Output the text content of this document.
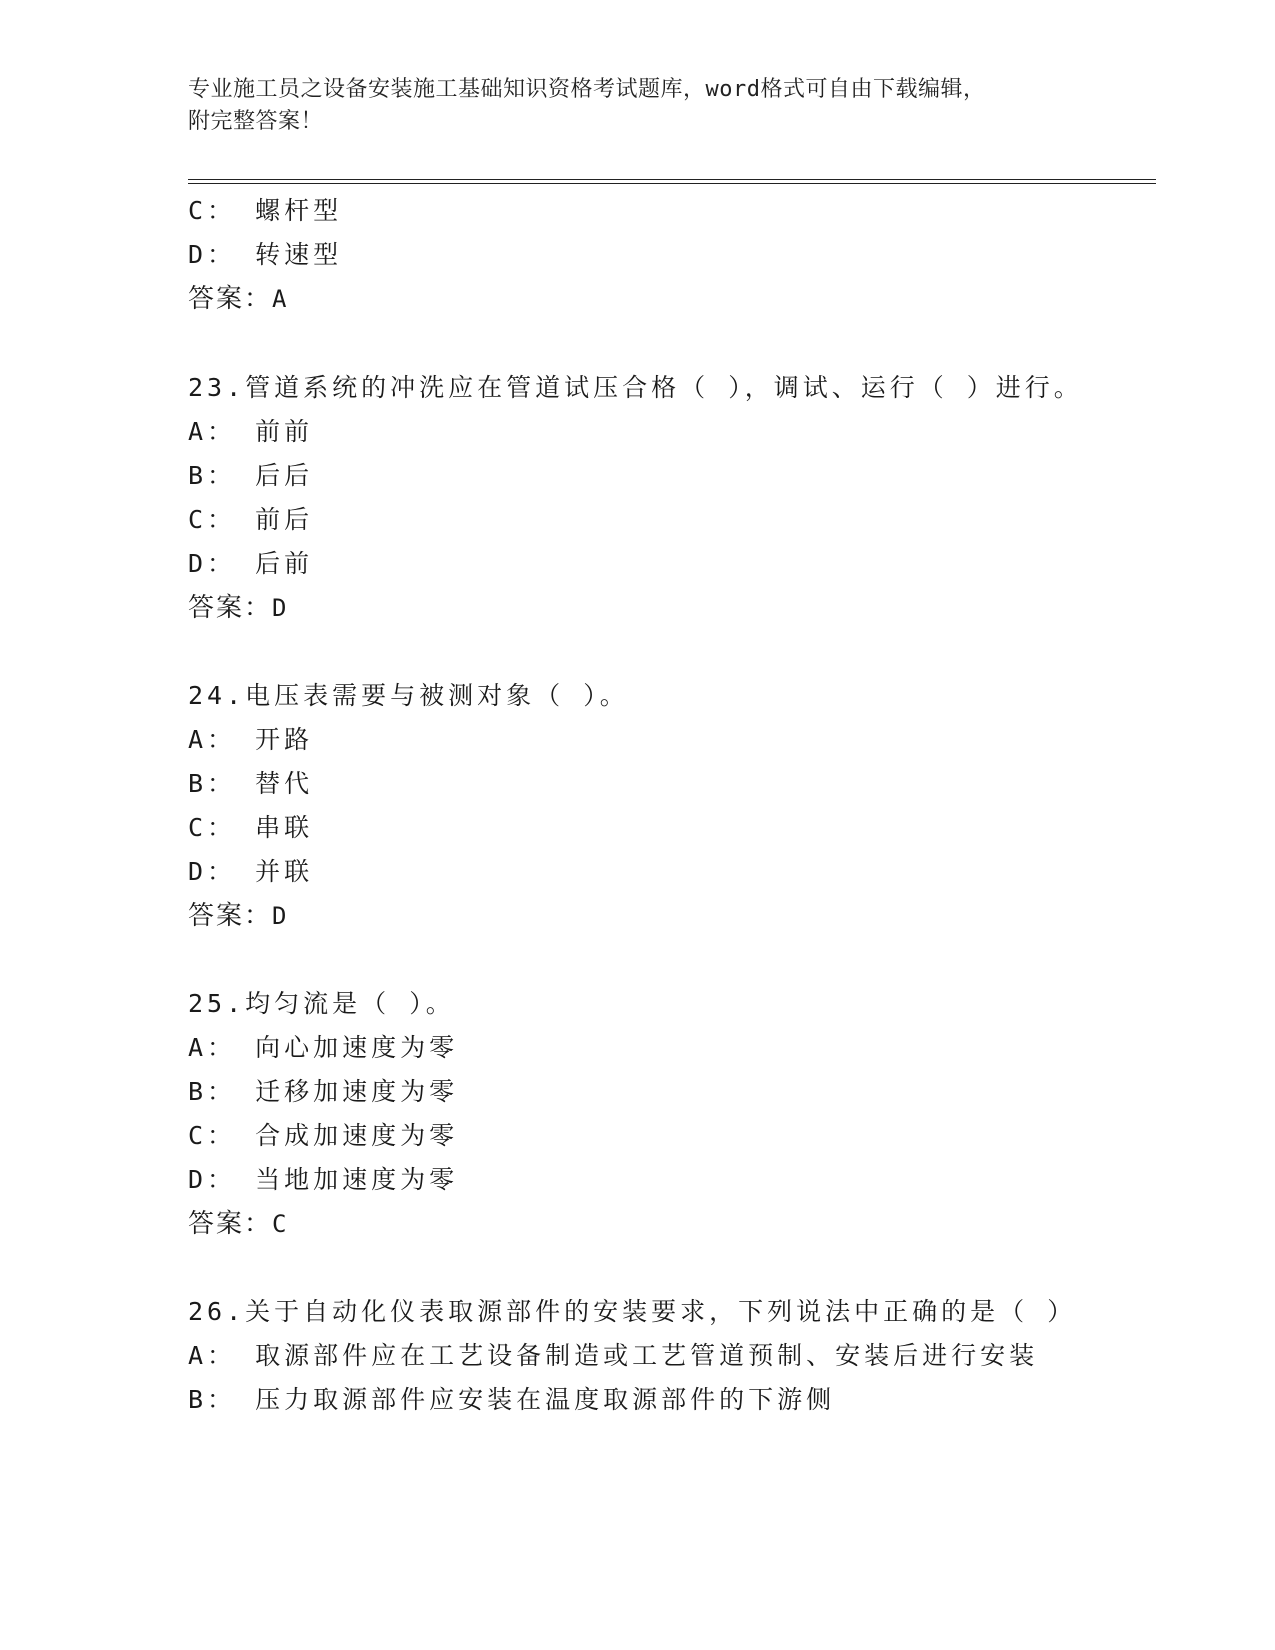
专业施工员之设备安装施工基础知识资格考试题库，word格式可自由下载编辑，
附完整答案！
C： 螺杆型
D： 转速型
答案：A
23.管道系统的冲洗应在管道试压合格（ ），调试、运行（ ）进行。
A： 前前
B： 后后
C： 前后
D： 后前
答案：D
24.电压表需要与被测对象（ ）。
A： 开路
B： 替代
C： 串联
D： 并联
答案：D
25.均匀流是（ ）。
A： 向心加速度为零
B： 迁移加速度为零
C： 合成加速度为零
D： 当地加速度为零
答案：C
26.关于自动化仪表取源部件的安装要求，下列说法中正确的是（ ）
A： 取源部件应在工艺设备制造或工艺管道预制、安装后进行安装
B： 压力取源部件应安装在温度取源部件的下游侧
